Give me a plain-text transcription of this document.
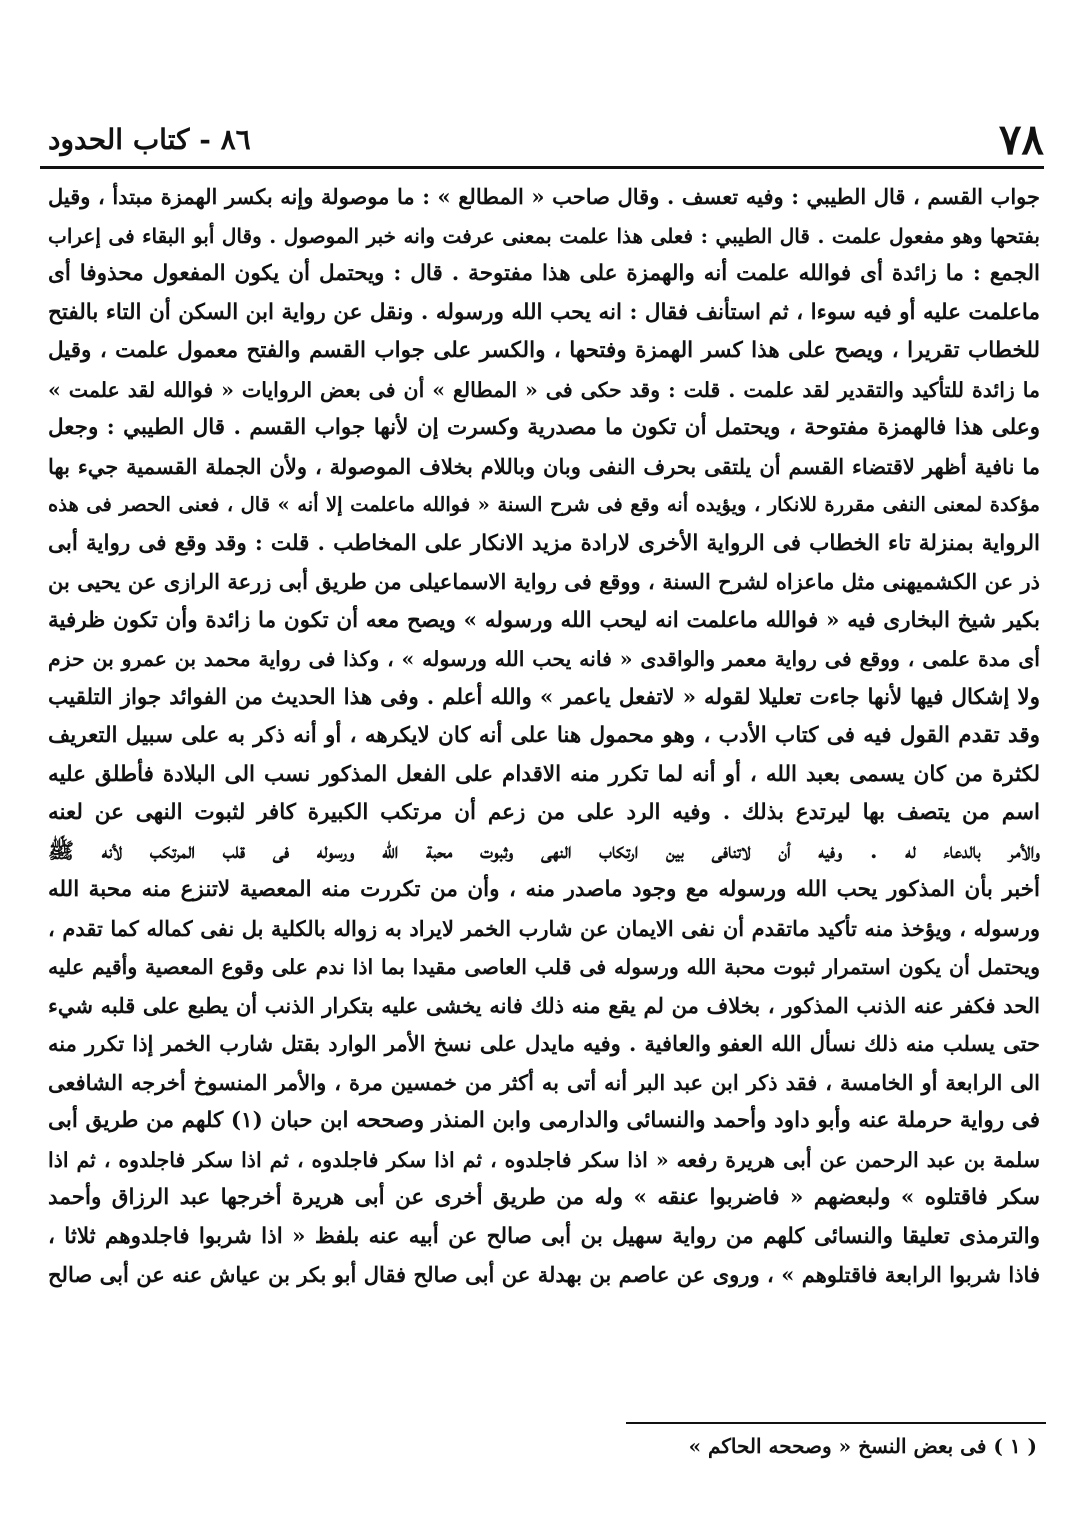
٧٨
٨٦ - كتاب الحدود
جواب القسم ، قال الطيبي : وفيه تعسف . وقال صاحب « المطالع » : ما موصولة وإنه بكسر الهمزة مبتدأ ، وقيل
بفتحها وهو مفعول علمت . قال الطيبي : فعلى هذا علمت بمعنى عرفت وانه خبر الموصول . وقال أبو البقاء فى إعراب
الجمع : ما زائدة أى فوالله علمت أنه والهمزة على هذا مفتوحة . قال : ويحتمل أن يكون المفعول محذوفا أى
ماعلمت عليه أو فيه سوءا ، ثم استأنف فقال : انه يحب الله ورسوله . ونقل عن رواية ابن السكن أن التاء بالفتح
للخطاب تقريرا ، ويصح على هذا كسر الهمزة وفتحها ، والكسر على جواب القسم والفتح معمول علمت ، وقيل
ما زائدة للتأكيد والتقدير لقد علمت . قلت : وقد حكى فى « المطالع » أن فى بعض الروايات « فوالله لقد علمت »
وعلى هذا فالهمزة مفتوحة ، ويحتمل أن تكون ما مصدرية وكسرت إن لأنها جواب القسم . قال الطيبي : وجعل
ما نافية أظهر لاقتضاء القسم أن يلتقى بحرف النفى وبان وباللام بخلاف الموصولة ، ولأن الجملة القسمية جيء بها
مؤكدة لمعنى النفى مقررة للانكار ، ويؤيده أنه وقع فى شرح السنة « فوالله ماعلمت إلا أنه » قال ، فعنى الحصر فى هذه
الرواية بمنزلة تاء الخطاب فى الرواية الأخرى لارادة مزيد الانكار على المخاطب . قلت : وقد وقع فى رواية أبى
ذر عن الكشميهنى مثل ماعزاه لشرح السنة ، ووقع فى رواية الاسماعيلى من طريق أبى زرعة الرازى عن يحيى بن
بكير شيخ البخارى فيه « فوالله ماعلمت انه ليحب الله ورسوله » ويصح معه أن تكون ما زائدة وأن تكون ظرفية
أى مدة علمى ، ووقع فى رواية معمر والواقدى « فانه يحب الله ورسوله » ، وكذا فى رواية محمد بن عمرو بن حزم
ولا إشكال فيها لأنها جاءت تعليلا لقوله « لاتفعل ياعمر » والله أعلم . وفى هذا الحديث من الفوائد جواز التلقيب
وقد تقدم القول فيه فى كتاب الأدب ، وهو محمول هنا على أنه كان لايكرهه ، أو أنه ذكر به على سبيل التعريف
لكثرة من كان يسمى بعبد الله ، أو أنه لما تكرر منه الاقدام على الفعل المذكور نسب الى البلادة فأطلق عليه
اسم من يتصف بها ليرتدع بذلك . وفيه الرد على من زعم أن مرتكب الكبيرة كافر لثبوت النهى عن لعنه
والأمر بالدعاء له . وفيه أن لاتنافى بين ارتكاب النهى وثبوت محبة الله ورسوله فى قلب المرتكب لأنه ﷺ
أخبر بأن المذكور يحب الله ورسوله مع وجود ماصدر منه ، وأن من تكررت منه المعصية لاتنزع منه محبة الله
ورسوله ، ويؤخذ منه تأكيد ماتقدم أن نفى الايمان عن شارب الخمر لايراد به زواله بالكلية بل نفى كماله كما تقدم ،
ويحتمل أن يكون استمرار ثبوت محبة الله ورسوله فى قلب العاصى مقيدا بما اذا ندم على وقوع المعصية وأقيم عليه
الحد فكفر عنه الذنب المذكور ، بخلاف من لم يقع منه ذلك فانه يخشى عليه بتكرار الذنب أن يطبع على قلبه شيء
حتى يسلب منه ذلك نسأل الله العفو والعافية . وفيه مايدل على نسخ الأمر الوارد بقتل شارب الخمر إذا تكرر منه
الى الرابعة أو الخامسة ، فقد ذكر ابن عبد البر أنه أتى به أكثر من خمسين مرة ، والأمر المنسوخ أخرجه الشافعى
فى رواية حرملة عنه وأبو داود وأحمد والنسائى والدارمى وابن المنذر وصححه ابن حبان (١) كلهم من طريق أبى
سلمة بن عبد الرحمن عن أبى هريرة رفعه « اذا سكر فاجلدوه ، ثم اذا سكر فاجلدوه ، ثم اذا سكر فاجلدوه ، ثم اذا
سكر فاقتلوه » ولبعضهم « فاضربوا عنقه » وله من طريق أخرى عن أبى هريرة أخرجها عبد الرزاق وأحمد
والترمذى تعليقا والنسائى كلهم من رواية سهيل بن أبى صالح عن أبيه عنه بلفظ « اذا شربوا فاجلدوهم ثلاثا ،
فاذا شربوا الرابعة فاقتلوهم » ، وروى عن عاصم بن بهدلة عن أبى صالح فقال أبو بكر بن عياش عنه عن أبى صالح
( ١ ) فى بعض النسخ « وصححه الحاكم »
